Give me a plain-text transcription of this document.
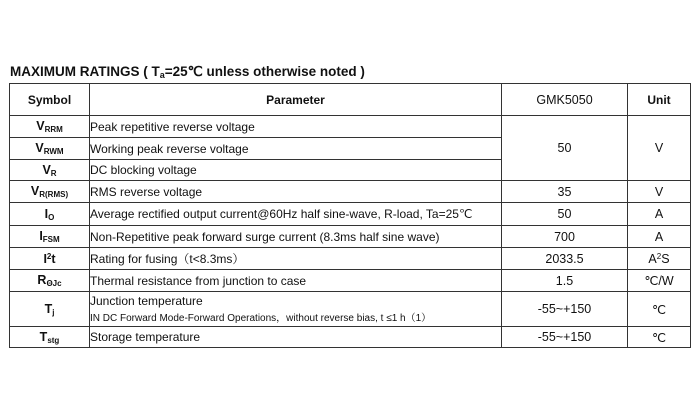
MAXIMUM RATINGS ( $T_a=25℃$ unless otherwise noted )
Symbol	Parameter	GMK5050	Unit
$V_{RRM}$	Peak repetitive reverse voltage	50	V
$V_{RWM}$	Working peak reverse voltage		
$V_R$	DC blocking voltage		
$V_{R(RMS)}$	RMS reverse voltage	35	V
$I_O$	Average rectified output current@60Hz half sine-wave, R-load, Ta=25℃	50	A
$I_{FSM}$	Non-Repetitive peak forward surge current (8.3ms half sine wave)	700	A
$I^2t$	Rating for fusing（t<8.3ms）	2033.5	$A^2S$
$R_{\Theta Jc}$	Thermal resistance from junction to case	1.5	℃/W
$T_j$	Junction temperature
IN DC Forward Mode-Forward Operations，without reverse bias, t ≤1 h（1）	-55~+150	℃
$T_{stg}$	Storage temperature	-55~+150	℃
